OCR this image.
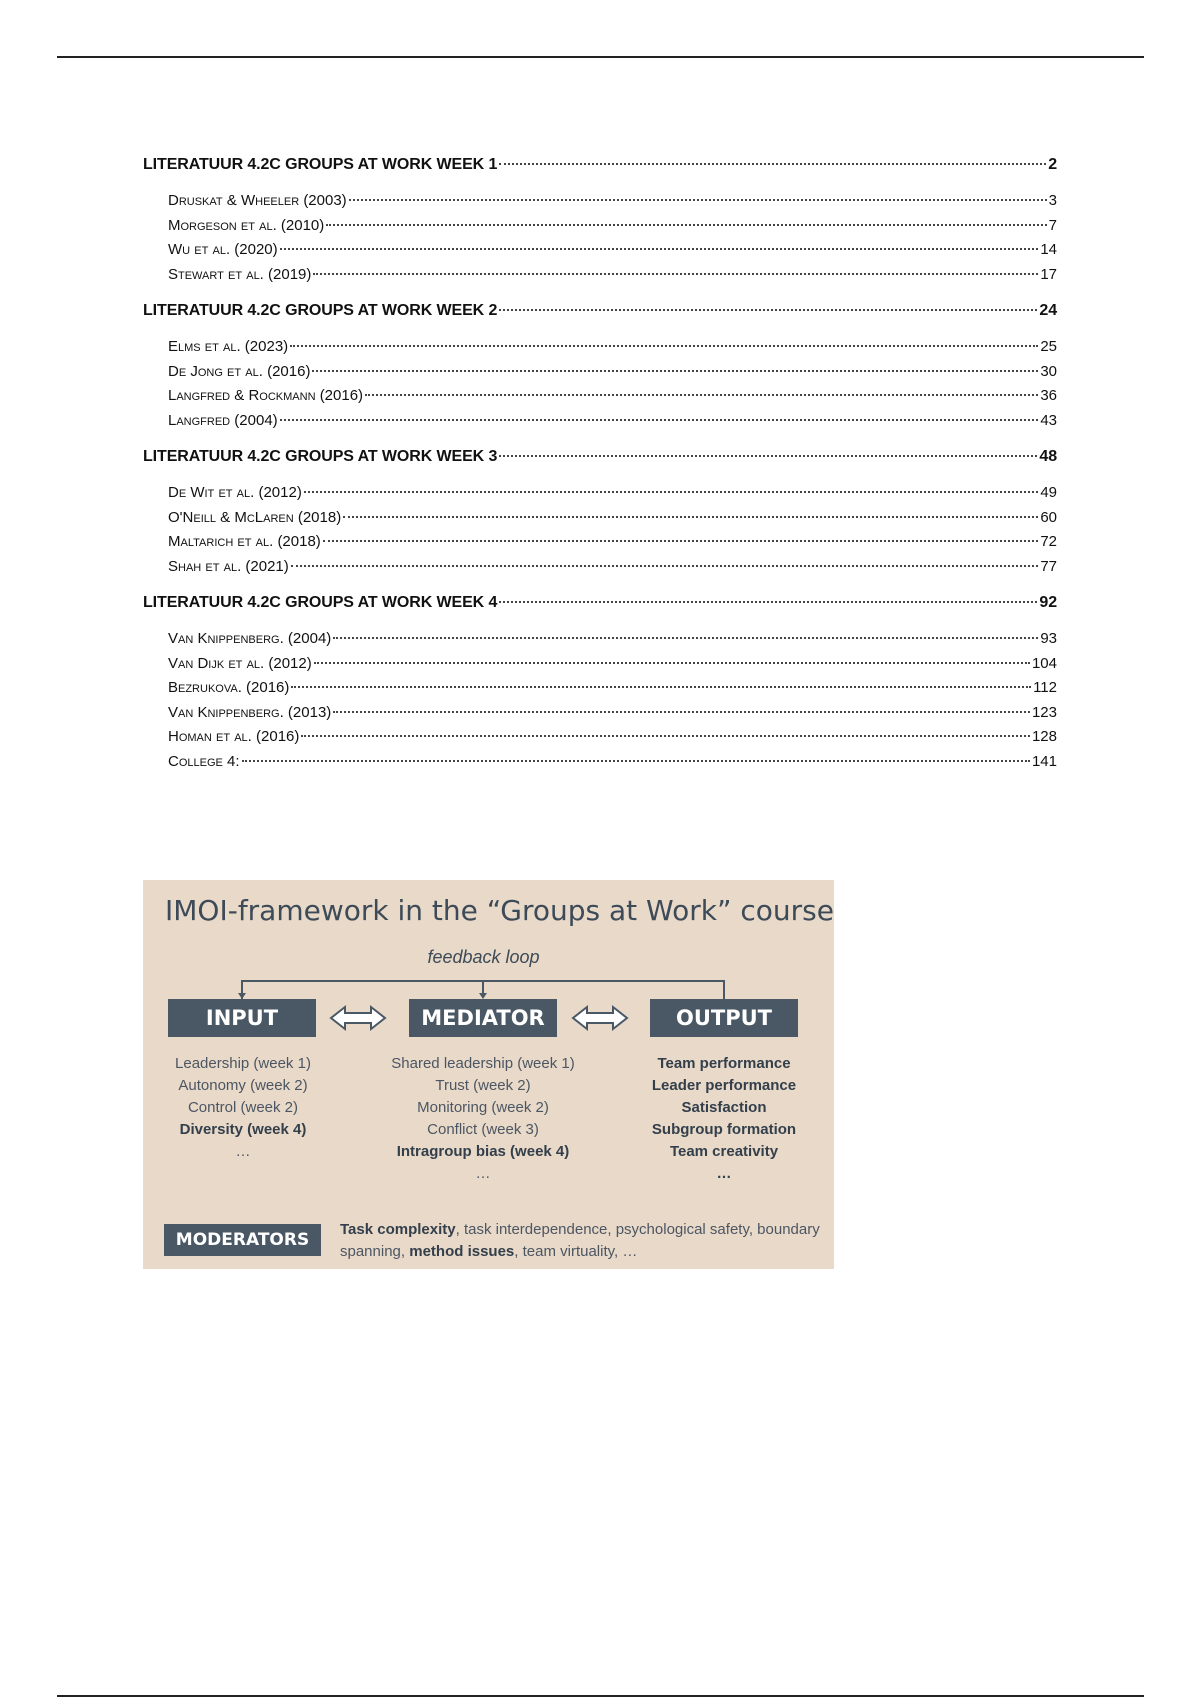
LITERATUUR 4.2C GROUPS AT WORK WEEK 1	2
Druskat & Wheeler (2003)	3
Morgeson et al. (2010)	7
Wu et al. (2020)	14
Stewart et al. (2019)	17
LITERATUUR 4.2C GROUPS AT WORK WEEK 2	24
Elms et al. (2023)	25
De Jong et al. (2016)	30
Langfred & Rockmann (2016)	36
Langfred (2004)	43
LITERATUUR 4.2C GROUPS AT WORK WEEK 3	48
De Wit et al. (2012)	49
O'Neill & McLaren (2018)	60
Maltarich et al. (2018)	72
Shah et al. (2021)	77
LITERATUUR 4.2C GROUPS AT WORK WEEK 4	92
Van Knippenberg. (2004)	93
Van Dijk et al. (2012)	104
Bezrukova. (2016)	112
Van Knippenberg. (2013)	123
Homan et al. (2016)	128
College 4:	141
IMOI-framework in the “Groups at Work” course
feedback loop
INPUT	MEDIATOR	OUTPUT
Leadership (week 1)
Autonomy (week 2)
Control (week 2)
Diversity (week 4)
…
Shared leadership (week 1)
Trust (week 2)
Monitoring (week 2)
Conflict (week 3)
Intragroup bias (week 4)
…
Team performance
Leader performance
Satisfaction
Subgroup formation
Team creativity
…
MODERATORS
Task complexity, task interdependence, psychological safety, boundary spanning, method issues, team virtuality, …
